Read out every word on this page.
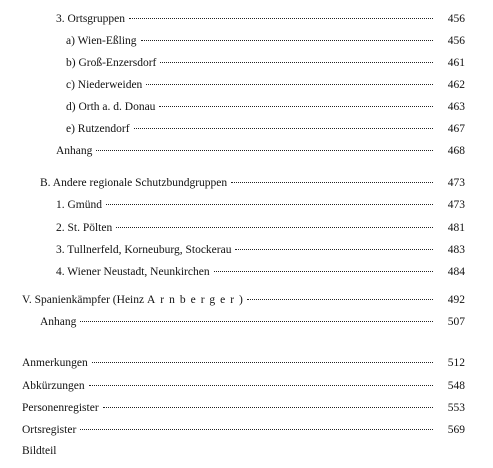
3. Ortsgruppen	456
a) Wien-Eßling	456
b) Groß-Enzersdorf	461
c) Niederweiden	462
d) Orth a. d. Donau	463
e) Rutzendorf	467
Anhang	468
B. Andere regionale Schutzbundgruppen	473
1. Gmünd	473
2. St. Pölten	481
3. Tullnerfeld, Korneuburg, Stockerau	483
4. Wiener Neustadt, Neunkirchen	484
V. Spanienkämpfer (Heinz Arnberger)	492
Anhang	507
Anmerkungen	512
Abkürzungen	548
Personenregister	553
Ortsregister	569
Bildteil
